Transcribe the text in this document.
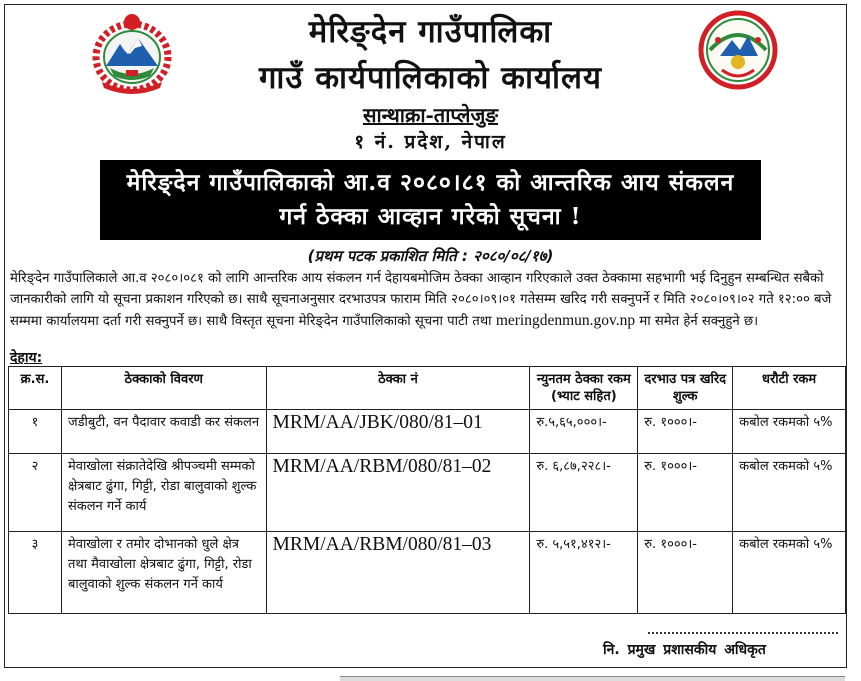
मेरिङ्देन गाउँपालिका
गाउँ कार्यपालिकाको कार्यालय
सान्थाक्रा-ताप्लेजुङ
१ नं. प्रदेश, नेपाल
मेरिङ्देन गाउँपालिकाको आ.व २०८०।८१ को आन्तरिक आय संकलन
गर्न ठेक्का आव्हान गरेको सूचना !
(प्रथम पटक प्रकाशित मिति : २०८०/०८/१७)
मेरिङ्देन गाउँपालिकाले आ.व २०८०।०८१ को लागि आन्तरिक आय संकलन गर्न देहायबमोजिम ठेक्का आव्हान गरिएकाले उक्त ठेक्कामा सहभागी भई दिनुहुन सम्बन्धित सबैको जानकारीको लागि यो सूचना प्रकाशन गरिएको छ। साथै सूचनाअनुसार दरभाउपत्र फाराम मिति २०८०।०९।०१ गतेसम्म खरिद गरी सक्नुपर्ने र मिति २०८०।०९।०२ गते १२:०० बजे सम्ममा कार्यालयमा दर्ता गरी सक्नुपर्ने छ। साथै विस्तृत सूचना मेरिङ्देन गाउँपालिकाको सूचना पाटी तथा meringdenmun.gov.np मा समेत हेर्न सक्नुहुने छ।
देहाय:
क्र.स.	ठेक्काको विवरण	ठेक्का नं	न्युनतम ठेक्का रकम (भ्याट सहित)	दरभाउ पत्र खरिद शुल्क	धरौटी रकम
१	जडीबुटी, वन पैदावार कवाडी कर संकलन	MRM/AA/JBK/080/81–01	रु.५,६५,०००।-	रु. १०००।-	कबोल रकमको ५%
२	मेवाखोला संक्रातेदेखि श्रीपञ्चमी सम्मको क्षेत्रबाट ढुंगा, गिट्टी, रोडा बालुवाको शुल्क संकलन गर्ने कार्य	MRM/AA/RBM/080/81–02	रु. ६,८७,२२८।-	रु. १०००।-	कबोल रकमको ५%
३	मेवाखोला र तमोर दोभानको धुले क्षेत्र तथा मैवाखोला क्षेत्रबाट ढुंगा, गिट्टी, रोडा बालुवाको शुल्क संकलन गर्ने कार्य	MRM/AA/RBM/080/81–03	रु. ५,५१,४१२।-	रु. १०००।-	कबोल रकमको ५%
नि. प्रमुख प्रशासकीय अधिकृत
